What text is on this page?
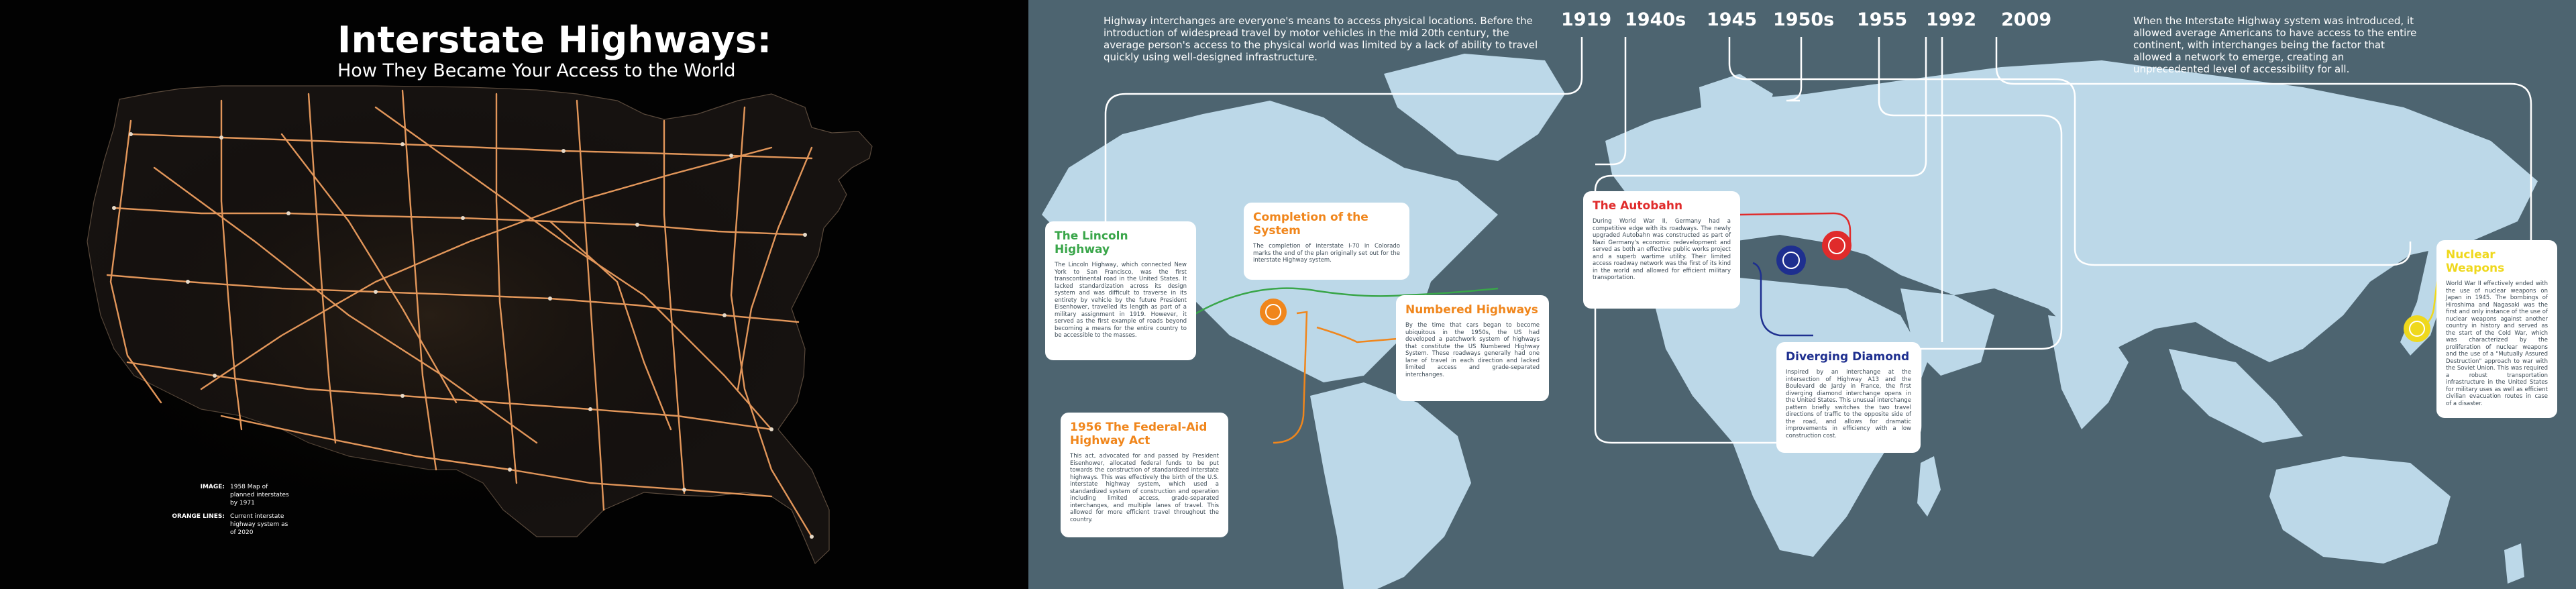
Interstate Highways:
How They Became Your Access to the World
IMAGE: 1958 Map of planned interstates by 1971
ORANGE LINES: Current interstate highway system as of 2020
Highway interchanges are everyone's means to access physical locations. Before the introduction of widespread travel by motor vehicles in the mid 20th century, the average person's access to the physical world was limited by a lack of ability to travel quickly using well-designed infrastructure.
When the Interstate Highway system was introduced, it allowed average Americans to have access to the entire continent, with interchanges being the factor that allowed a network to emerge, creating an unprecedented level of accessibility for all.
1919 1940s 1945 1950s 1955 1992 2009
The Lincoln Highway

The Lincoln Highway, which connected New York to San Francisco, was the first transcontinental road in the United States. It lacked standardization across its design system and was difficult to traverse in its entirety by vehicle by the future President Eisenhower, travelled its length as part of a military assignment in 1919. However, it served as the first example of roads beyond becoming a means for the entire country to be accessible to the masses.

Completion of the System

The completion of interstate I-70 in Colorado marks the end of the plan originally set out for the interstate Highway system.

Numbered Highways

By the time that cars began to become ubiquitous in the 1950s, the US had developed a patchwork system of highways that constitute the US Numbered Highway System. These roadways generally had one lane of travel in each direction and lacked limited access and grade-separated interchanges.

1956 The Federal-Aid Highway Act

This act, advocated for and passed by President Eisenhower, allocated federal funds to be put towards the construction of standardized interstate highways. This was effectively the birth of the U.S. interstate highway system, which used a standardized system of construction and operation including limited access, grade-separated interchanges, and multiple lanes of travel. This allowed for more efficient travel throughout the country.

The Autobahn

During World War II, Germany had a competitive edge with its roadways. The newly upgraded Autobahn was constructed as part of Nazi Germany's economic redevelopment and served as both an effective public works project and a superb wartime utility. Their limited access roadway network was the first of its kind in the world and allowed for efficient military transportation.

Diverging Diamond

Inspired by an interchange at the intersection of Highway A13 and the Boulevard de Jardy in France, the first diverging diamond interchange opens in the United States. This unusual interchange pattern briefly switches the two travel directions of traffic to the opposite side of the road, and allows for dramatic improvements in efficiency with a low construction cost.

Nuclear Weapons

World War II effectively ended with the use of nuclear weapons on Japan in 1945. The bombings of Hiroshima and Nagasaki was the first and only instance of the use of nuclear weapons against another country in history and served as the start of the Cold War, which was characterized by the proliferation of nuclear weapons and the use of a "Mutually Assured Destruction" approach to war with the Soviet Union. This was required a robust transportation infrastructure in the United States for military uses as well as efficient civilian evacuation routes in case of a disaster.
